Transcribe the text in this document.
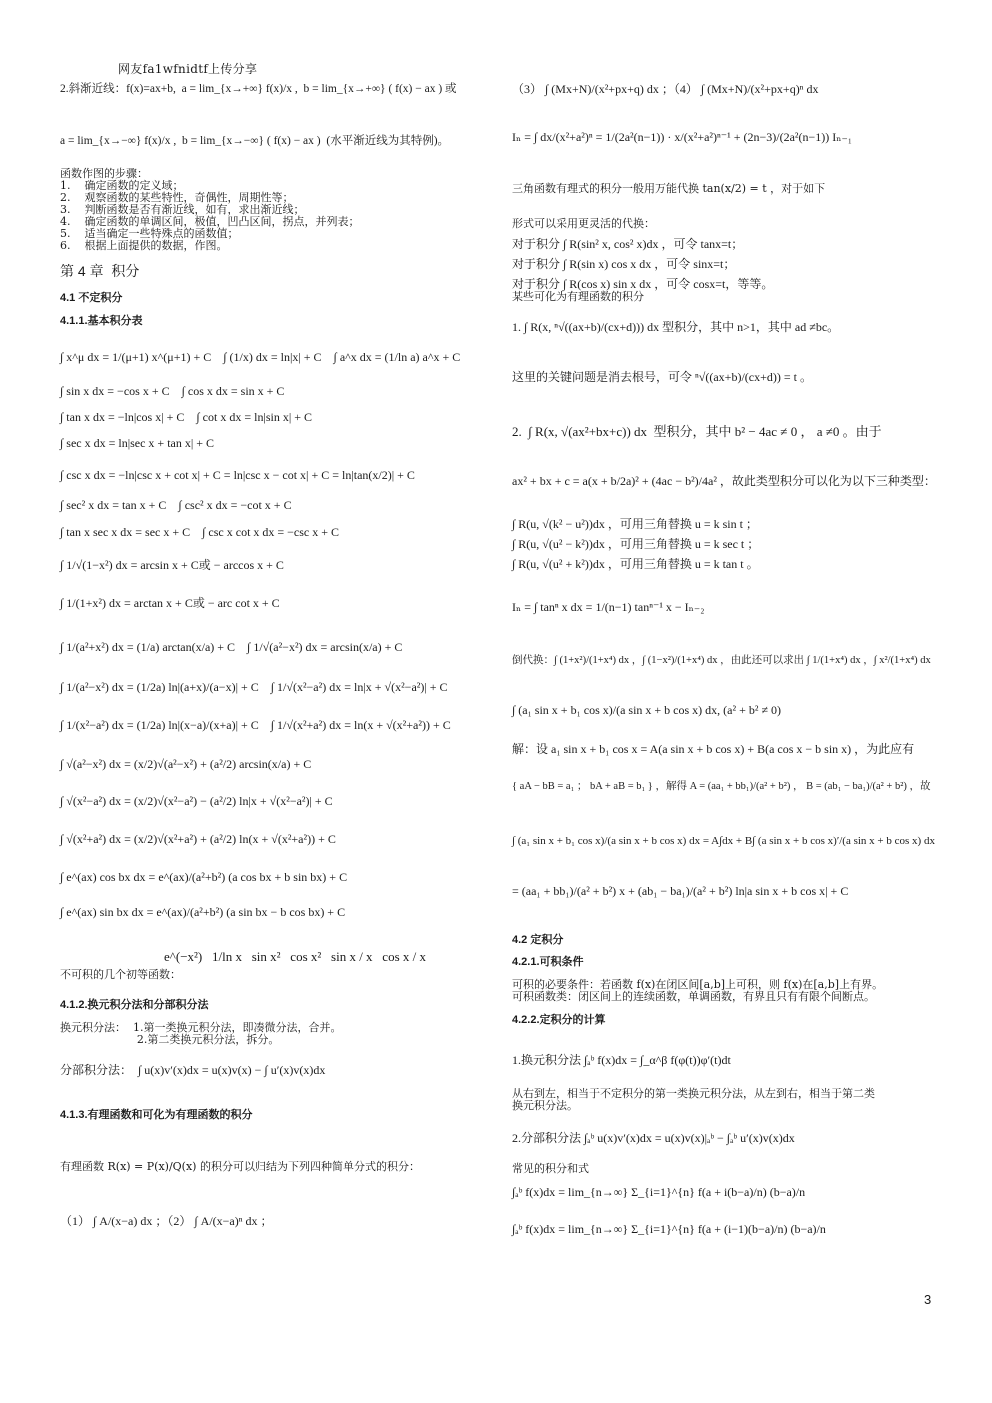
网友fa1wfnidtf上传分享
2.斜渐近线：f(x)=ax+b,  a = lim_{x→+∞} f(x)/x ,  b = lim_{x→+∞} ( f(x) − ax ) 或
a = lim_{x→−∞} f(x)/x ,  b = lim_{x→−∞} ( f(x) − ax )  (水平渐近线为其特例)。
函数作图的步骤：
1.    确定函数的定义域；
2.    观察函数的某些特性，奇偶性，周期性等；
3.    判断函数是否有渐近线，如有，求出渐近线；
4.    确定函数的单调区间，极值，凹凸区间，拐点，并列表；
5.    适当确定一些特殊点的函数值；
6.    根据上面提供的数据，作图。
第 4 章  积分
4.1 不定积分
4.1.1.基本积分表
∫ x^μ dx = 1/(μ+1) x^(μ+1) + C    ∫ (1/x) dx = ln|x| + C    ∫ a^x dx = (1/ln a) a^x + C
∫ sin x dx = −cos x + C    ∫ cos x dx = sin x + C
∫ tan x dx = −ln|cos x| + C    ∫ cot x dx = ln|sin x| + C
∫ sec x dx = ln|sec x + tan x| + C
∫ csc x dx = −ln|csc x + cot x| + C = ln|csc x − cot x| + C = ln|tan(x/2)| + C
∫ sec² x dx = tan x + C    ∫ csc² x dx = −cot x + C
∫ tan x sec x dx = sec x + C    ∫ csc x cot x dx = −csc x + C
∫ 1/√(1−x²) dx = arcsin x + C或 − arccos x + C
∫ 1/(1+x²) dx = arctan x + C或 − arc cot x + C
∫ 1/(a²+x²) dx = (1/a) arctan(x/a) + C    ∫ 1/√(a²−x²) dx = arcsin(x/a) + C
∫ 1/(a²−x²) dx = (1/2a) ln|(a+x)/(a−x)| + C    ∫ 1/√(x²−a²) dx = ln|x + √(x²−a²)| + C
∫ 1/(x²−a²) dx = (1/2a) ln|(x−a)/(x+a)| + C    ∫ 1/√(x²+a²) dx = ln(x + √(x²+a²)) + C
∫ √(a²−x²) dx = (x/2)√(a²−x²) + (a²/2) arcsin(x/a) + C
∫ √(x²−a²) dx = (x/2)√(x²−a²) − (a²/2) ln|x + √(x²−a²)| + C
∫ √(x²+a²) dx = (x/2)√(x²+a²) + (a²/2) ln(x + √(x²+a²)) + C
∫ e^(ax) cos bx dx = e^(ax)/(a²+b²) (a cos bx + b sin bx) + C
∫ e^(ax) sin bx dx = e^(ax)/(a²+b²) (a sin bx − b cos bx) + C
e^(−x²)   1/ln x   sin x²   cos x²   sin x / x   cos x / x
不可积的几个初等函数：
4.1.2.换元积分法和分部积分法
换元积分法：  1.第一类换元积分法，即凑微分法，合并。
2.第二类换元积分法，拆分。
分部积分法：  ∫ u(x)v′(x)dx = u(x)v(x) − ∫ u′(x)v(x)dx
4.1.3.有理函数和可化为有理函数的积分
有理函数 R(x) = P(x)/Q(x) 的积分可以归结为下列四种简单分式的积分：
（1） ∫ A/(x−a) dx ；（2） ∫ A/(x−a)ⁿ dx ；
（3） ∫ (Mx+N)/(x²+px+q) dx ；（4） ∫ (Mx+N)/(x²+px+q)ⁿ dx
Iₙ = ∫ dx/(x²+a²)ⁿ = 1/(2a²(n−1)) · x/(x²+a²)ⁿ⁻¹ + (2n−3)/(2a²(n−1)) Iₙ₋₁
三角函数有理式的积分一般用万能代换 tan(x/2) = t ，对于如下
形式可以采用更灵活的代换：
对于积分 ∫ R(sin² x, cos² x)dx ，可令 tanx=t；
对于积分 ∫ R(sin x) cos x dx ，可令 sinx=t；
对于积分 ∫ R(cos x) sin x dx ，可令 cosx=t，等等。
某些可化为有理函数的积分
1. ∫ R(x, ⁿ√((ax+b)/(cx+d))) dx 型积分，其中 n>1，其中 ad ≠bc。
这里的关键问题是消去根号，可令 ⁿ√((ax+b)/(cx+d)) = t 。
2.  ∫ R(x, √(ax²+bx+c)) dx  型积分，其中 b² − 4ac ≠ 0 ， a ≠0 。由于
ax² + bx + c = a(x + b/2a)² + (4ac − b²)/4a² ，故此类型积分可以化为以下三种类型：
∫ R(u, √(k² − u²))dx ，可用三角替换 u = k sin t ；
∫ R(u, √(u² − k²))dx ，可用三角替换 u = k sec t ；
∫ R(u, √(u² + k²))dx ，可用三角替换 u = k tan t 。
Iₙ = ∫ tanⁿ x dx = 1/(n−1) tanⁿ⁻¹ x − Iₙ₋₂
倒代换：∫ (1+x²)/(1+x⁴) dx ，∫ (1−x²)/(1+x⁴) dx ，由此还可以求出 ∫ 1/(1+x⁴) dx ，∫ x²/(1+x⁴) dx
∫ (a₁ sin x + b₁ cos x)/(a sin x + b cos x) dx, (a² + b² ≠ 0)
解：设 a₁ sin x + b₁ cos x = A(a sin x + b cos x) + B(a cos x − b sin x) ，为此应有
{ aA − bB = a₁ ； bA + aB = b₁ } ，解得 A = (aa₁ + bb₁)/(a² + b²) ， B = (ab₁ − ba₁)/(a² + b²) ，故
∫ (a₁ sin x + b₁ cos x)/(a sin x + b cos x) dx = A∫dx + B∫ (a sin x + b cos x)′/(a sin x + b cos x) dx
= (aa₁ + bb₁)/(a² + b²) x + (ab₁ − ba₁)/(a² + b²) ln|a sin x + b cos x| + C
4.2 定积分
4.2.1.可积条件
可积的必要条件：若函数 f(x)在闭区间[a,b]上可积，则 f(x)在[a,b]上有界。
可积函数类：闭区间上的连续函数，单调函数，有界且只有有限个间断点。
4.2.2.定积分的计算
1.换元积分法 ∫ₐᵇ f(x)dx = ∫_α^β f(φ(t))φ′(t)dt
从右到左，相当于不定积分的第一类换元积分法，从左到右，相当于第二类
换元积分法。
2.分部积分法 ∫ₐᵇ u(x)v′(x)dx = u(x)v(x)|ₐᵇ − ∫ₐᵇ u′(x)v(x)dx
常见的积分和式
∫ₐᵇ f(x)dx = lim_{n→∞} Σ_{i=1}^{n} f(a + i(b−a)/n) (b−a)/n
∫ₐᵇ f(x)dx = lim_{n→∞} Σ_{i=1}^{n} f(a + (i−1)(b−a)/n) (b−a)/n
3
